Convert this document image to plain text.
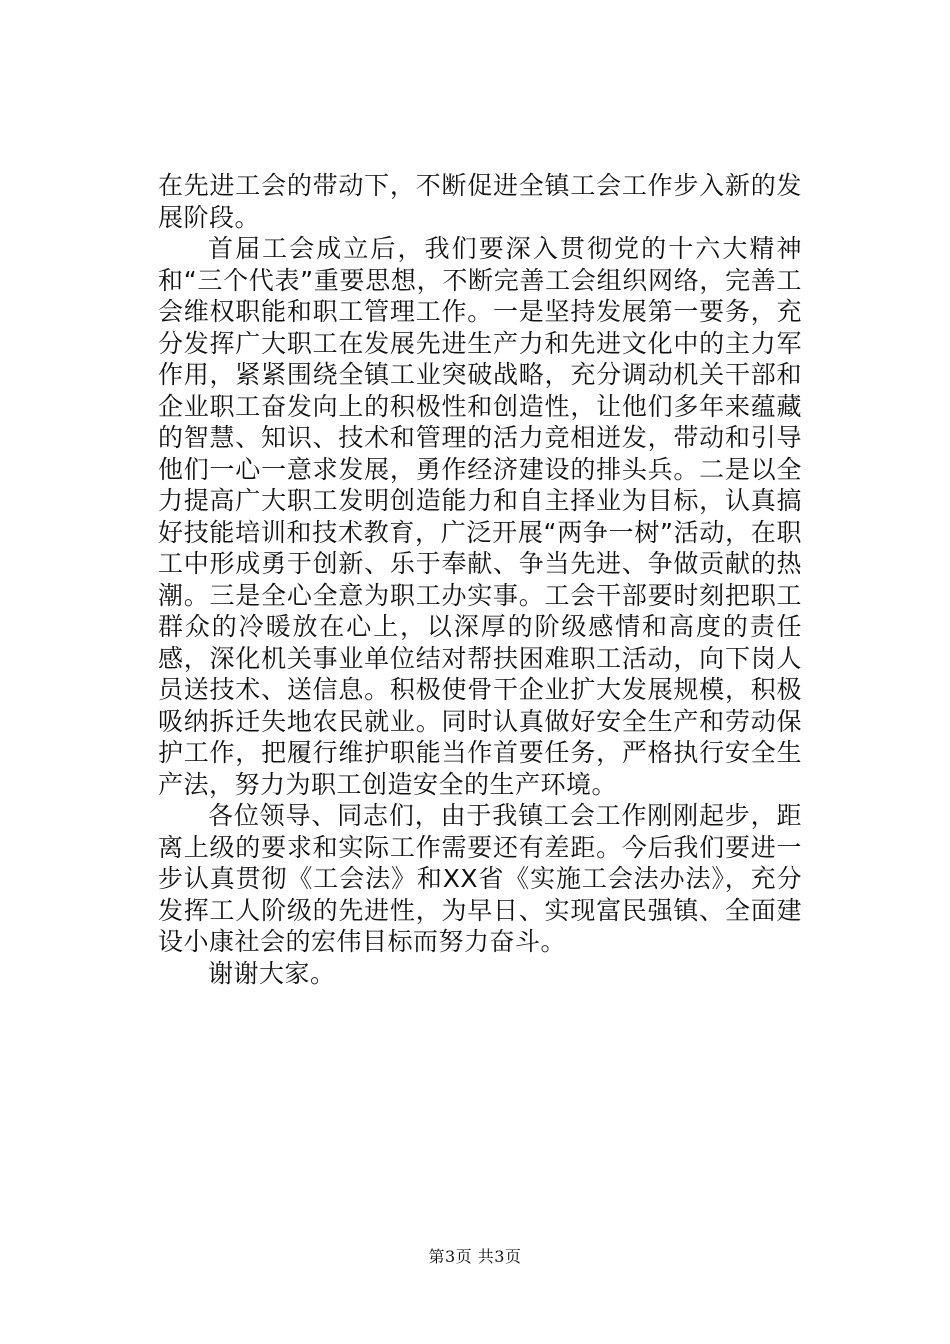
在先进工会的带动下，不断促进全镇工会工作步入新的发展阶段。

首届工会成立后，我们要深入贯彻党的十六大精神和“三个代表”重要思想，不断完善工会组织网络，完善工会维权职能和职工管理工作。一是坚持发展第一要务，充分发挥广大职工在发展先进生产力和先进文化中的主力军作用，紧紧围绕全镇工业突破战略，充分调动机关干部和企业职工奋发向上的积极性和创造性，让他们多年来蕴藏的智慧、知识、技术和管理的活力竞相迸发，带动和引导他们一心一意求发展，勇作经济建设的排头兵。二是以全力提高广大职工发明创造能力和自主择业为目标，认真搞好技能培训和技术教育，广泛开展“两争一树”活动，在职工中形成勇于创新、乐于奉献、争当先进、争做贡献的热潮。三是全心全意为职工办实事。工会干部要时刻把职工群众的冷暖放在心上，以深厚的阶级感情和高度的责任感，深化机关事业单位结对帮扶困难职工活动，向下岗人员送技术、送信息。积极使骨干企业扩大发展规模，积极吸纳拆迁失地农民就业。同时认真做好安全生产和劳动保护工作，把履行维护职能当作首要任务，严格执行安全生产法，努力为职工创造安全的生产环境。

各位领导、同志们，由于我镇工会工作刚刚起步，距离上级的要求和实际工作需要还有差距。今后我们要进一步认真贯彻《工会法》和XX省《实施工会法办法》，充分发挥工人阶级的先进性，为早日、实现富民强镇、全面建设小康社会的宏伟目标而努力奋斗。

谢谢大家。

第3页 共3页
